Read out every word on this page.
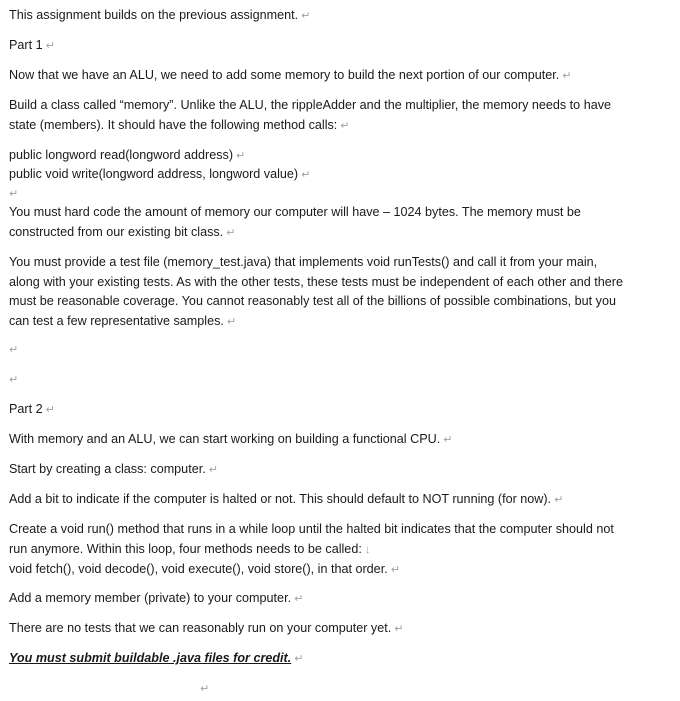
This assignment builds on the previous assignment. ↵
Part 1 ↵
Now that we have an ALU, we need to add some memory to build the next portion of our computer. ↵
Build a class called “memory”. Unlike the ALU, the rippleAdder and the multiplier, the memory needs to have state (members). It should have the following method calls: ↵
public longword read(longword address) ↵
public void write(longword address, longword value) ↵
↵
You must hard code the amount of memory our computer will have – 1024 bytes. The memory must be constructed from our existing bit class. ↵
You must provide a test file (memory_test.java) that implements void runTests() and call it from your main, along with your existing tests. As with the other tests, these tests must be independent of each other and there must be reasonable coverage. You cannot reasonably test all of the billions of possible combinations, but you can test a few representative samples. ↵
↵
↵
Part 2 ↵
With memory and an ALU, we can start working on building a functional CPU. ↵
Start by creating a class: computer. ↵
Add a bit to indicate if the computer is halted or not. This should default to NOT running (for now). ↵
Create a void run() method that runs in a while loop until the halted bit indicates that the computer should not run anymore. Within this loop, four methods needs to be called: ↓
void fetch(), void decode(), void execute(), void store(), in that order. ↵
Add a memory member (private) to your computer. ↵
There are no tests that we can reasonably run on your computer yet. ↵
You must submit buildable .java files for credit. ↵
↵
